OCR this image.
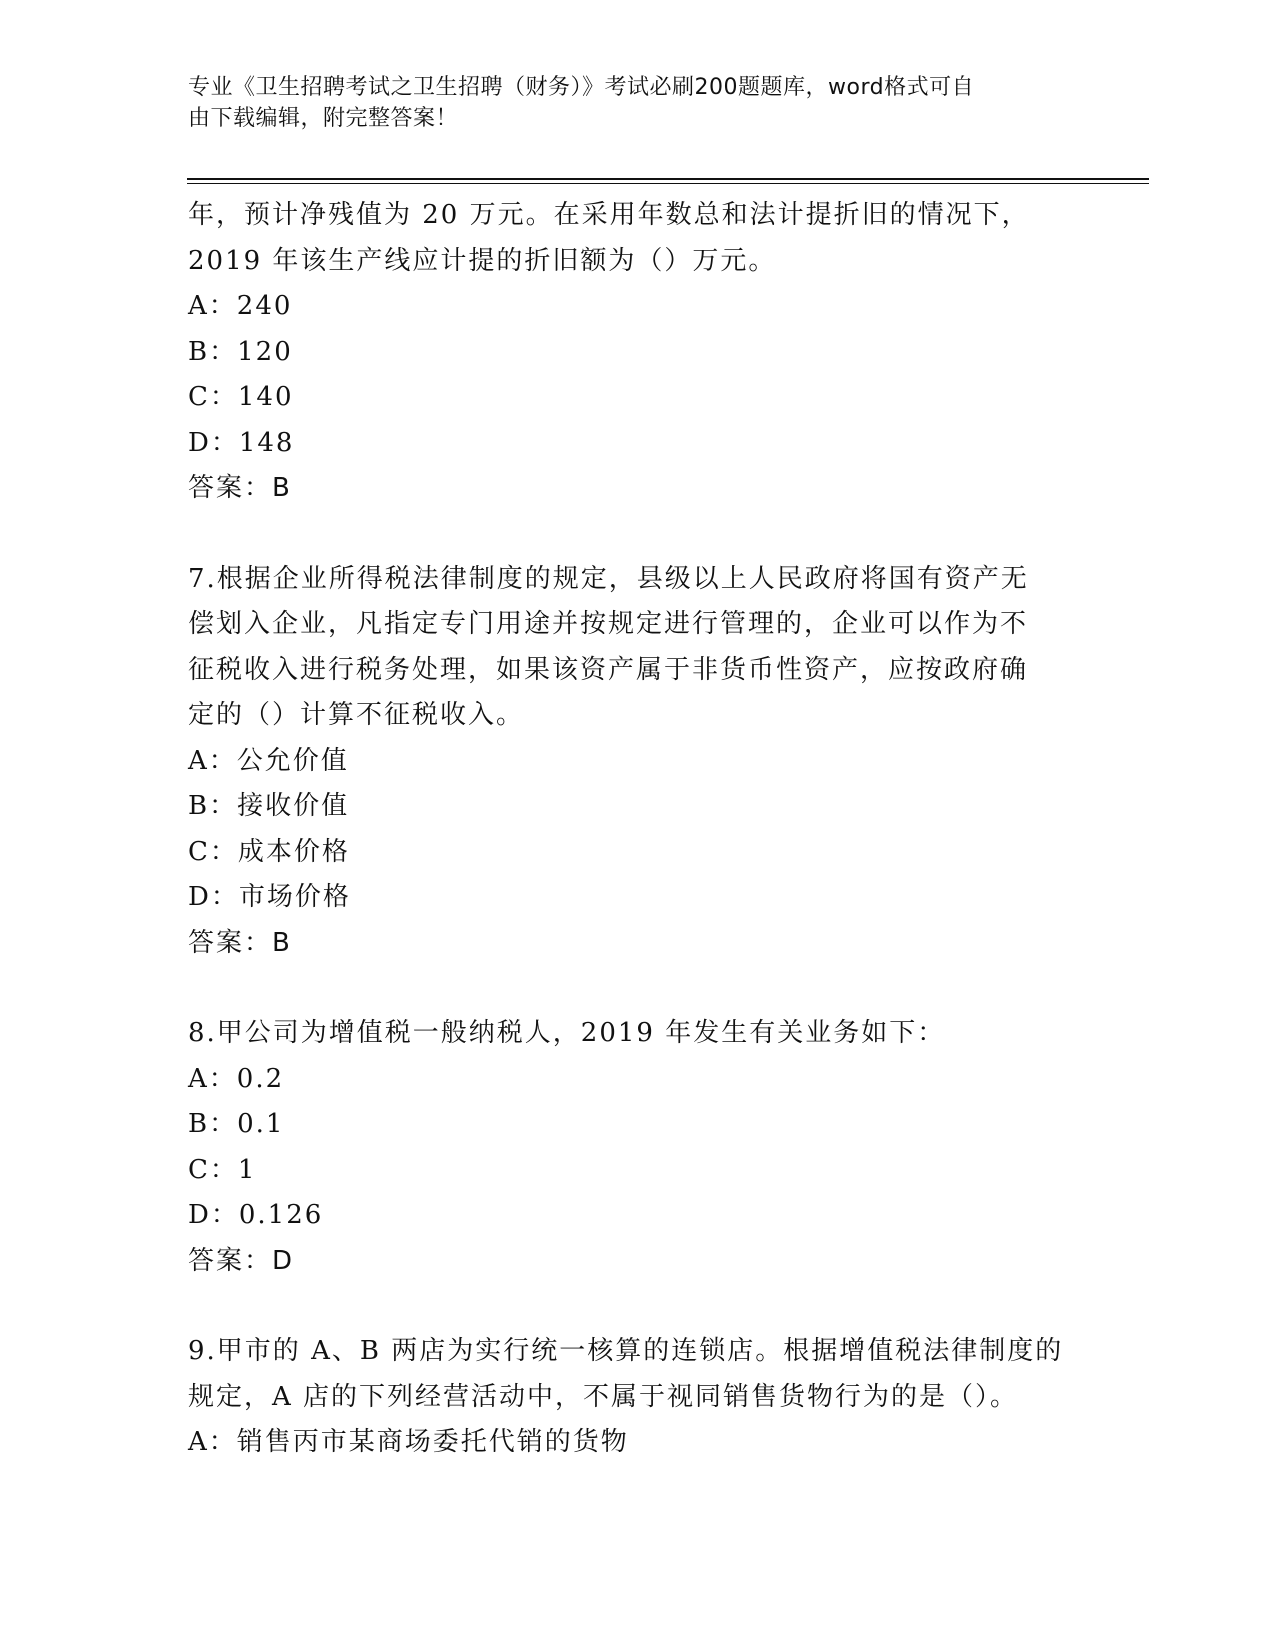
专业《卫生招聘考试之卫生招聘（财务）》考试必刷200题题库，word格式可自
由下载编辑，附完整答案！
年，预计净残值为 20 万元。在采用年数总和法计提折旧的情况下，
2019 年该生产线应计提的折旧额为（）万元。
A：240
B：120
C：140
D：148
答案：B
7.根据企业所得税法律制度的规定，县级以上人民政府将国有资产无
偿划入企业，凡指定专门用途并按规定进行管理的，企业可以作为不
征税收入进行税务处理，如果该资产属于非货币性资产，应按政府确
定的（）计算不征税收入。
A：公允价值
B：接收价值
C：成本价格
D：市场价格
答案：B
8.甲公司为增值税一般纳税人，2019 年发生有关业务如下：
A：0.2
B：0.1
C：1
D：0.126
答案：D
9.甲市的 A、B 两店为实行统一核算的连锁店。根据增值税法律制度的
规定，A 店的下列经营活动中，不属于视同销售货物行为的是（）。
A：销售丙市某商场委托代销的货物
